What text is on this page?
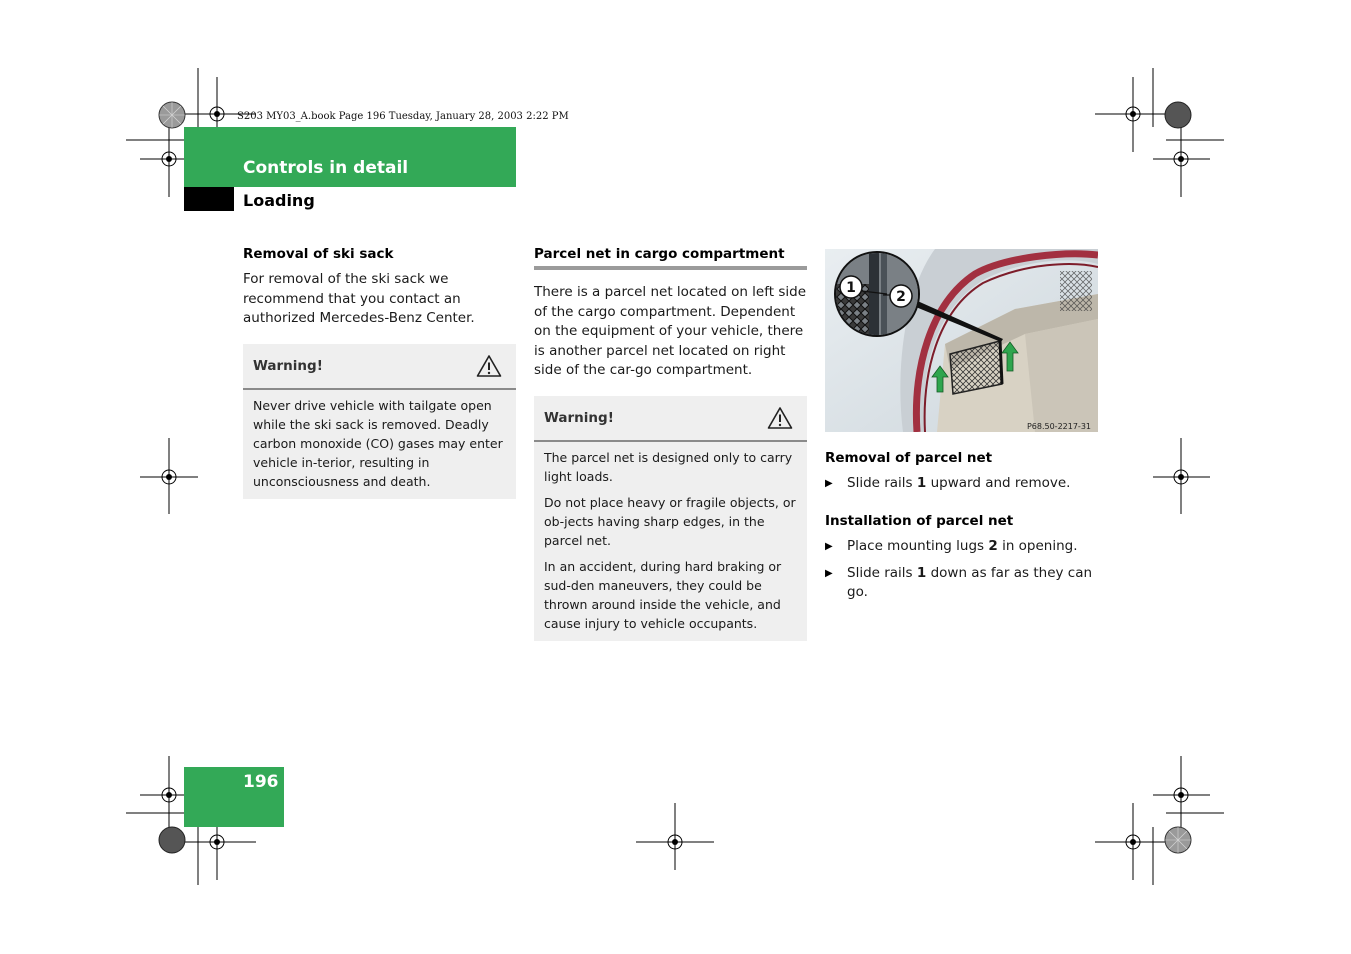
S203 MY03_A.book Page 196 Tuesday, January 28, 2003 2:22 PM
Controls in detail
Loading
Removal of ski sack

For removal of the ski sack we recommend that you contact an authorized Mercedes-Benz Center.

Warning!

Never drive vehicle with tailgate open while the ski sack is removed. Deadly carbon monoxide (CO) gases may enter vehicle in-terior, resulting in unconsciousness and death.

Parcel net in cargo compartment

There is a parcel net located on left side of the cargo compartment. Dependent on the equipment of your vehicle, there is another parcel net located on right side of the car-go compartment.

Warning!

The parcel net is designed only to carry light loads.

Do not place heavy or fragile objects, or ob-jects having sharp edges, in the parcel net.

In an accident, during hard braking or sud-den maneuvers, they could be thrown around inside the vehicle, and cause injury to vehicle occupants.

1
2
P68.50-2217-31
Removal of parcel net
▶	Slide rails 1 upward and remove.
Installation of parcel net
▶	Place mounting lugs 2 in opening.
▶	Slide rails 1 down as far as they can go.
196
